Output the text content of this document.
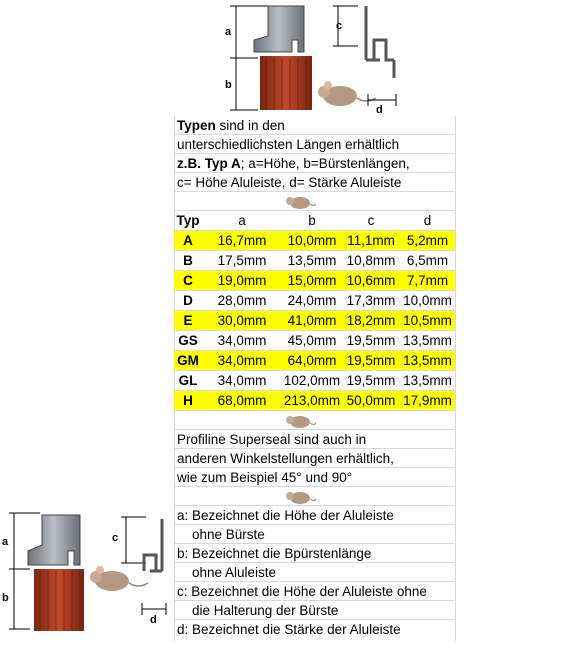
a
b
c
d
Typen sind in den
unterschiedlichsten Längen erhältlich
z.B. Typ A; a=Höhe, b=Bürstenlängen,
c= Höhe Aluleiste, d= Stärke Aluleiste
Typ	a	b	c	d
A	16,7mm	10,0mm 11,1mm 5,2mm
B	17,5mm	13,5mm 10,8mm 6,5mm
C	19,0mm	15,0mm 10,6mm 7,7mm
D	28,0mm	24,0mm 17,3mm 10,0mm
E	30,0mm	41,0mm 18,2mm 10,5mm
GS	34,0mm	45,0mm 19,5mm 13,5mm
GM	34,0mm	64,0mm 19,5mm 13,5mm
GL	34,0mm	102,0mm 19,5mm 13,5mm
H	68,0mm	213,0mm 50,0mm 17,9mm
Profiline Superseal sind auch in
anderen Winkelstellungen erhältlich,
wie zum Beispiel 45° und 90°
a: Bezeichnet die Höhe der Aluleiste
ohne Bürste
b: Bezeichnet die Bpürstenlänge
ohne Aluleiste
c: Bezeichnet die Höhe der Aluleiste ohne
die Halterung der Bürste
d: Bezeichnet die Stärke der Aluleiste
a
b
c
d
